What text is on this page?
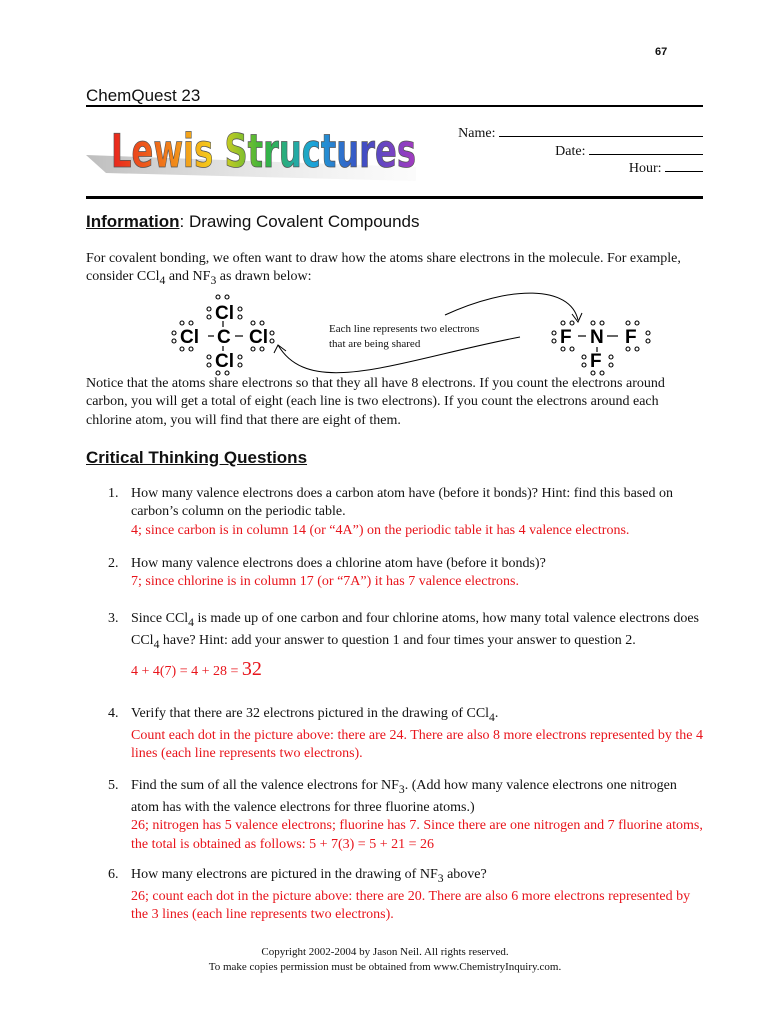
67
ChemQuest 23
Lewis Structures	Name:
Date:
Hour:
Information: Drawing Covalent Compounds
For covalent bonding, we often want to draw how the atoms share electrons in the molecule. For example, consider CCl$_4$ and $NF_3$ as drawn below:
Cl
Cl C Cl
Cl
F N F
F
Each line represents two electrons
that are being shared
Notice that the atoms share electrons so that they all have 8 electrons. If you count the electrons around carbon, you will get a total of eight (each line is two electrons). If you count the electrons around each chlorine atom, you will find that there are eight of them.
Critical Thinking Questions
1. How many valence electrons does a carbon atom have (before it bonds)? Hint: find this based on carbon’s column on the periodic table.
4; since carbon is in column 14 (or “4A”) on the periodic table it has 4 valence electrons.
2. How many valence electrons does a chlorine atom have (before it bonds)?
7; since chlorine is in column 17 (or “7A”) it has 7 valence electrons.
3. Since CCl$_4$ is made up of one carbon and four chlorine atoms, how many total valence electrons does CCl$_4$ have? Hint: add your answer to question 1 and four times your answer to question 2.
4 + 4(7) = 4 + 28 = 32
4. Verify that there are 32 electrons pictured in the drawing of CCl$_4$.
Count each dot in the picture above: there are 24. There are also 8 more electrons represented by the 4 lines (each line represents two electrons).
5. Find the sum of all the valence electrons for $NF_3$. (Add how many valence electrons one nitrogen atom has with the valence electrons for three fluorine atoms.)
26; nitrogen has 5 valence electrons; fluorine has 7. Since there are one nitrogen and 7 fluorine atoms, the total is obtained as follows: 5 + 7(3) = 5 + 21 = 26
6. How many electrons are pictured in the drawing of $NF_3$ above?
26; count each dot in the picture above: there are 20. There are also 6 more electrons represented by the 3 lines (each line represents two electrons).
Copyright 2002-2004 by Jason Neil. All rights reserved.
To make copies permission must be obtained from www.ChemistryInquiry.com.
